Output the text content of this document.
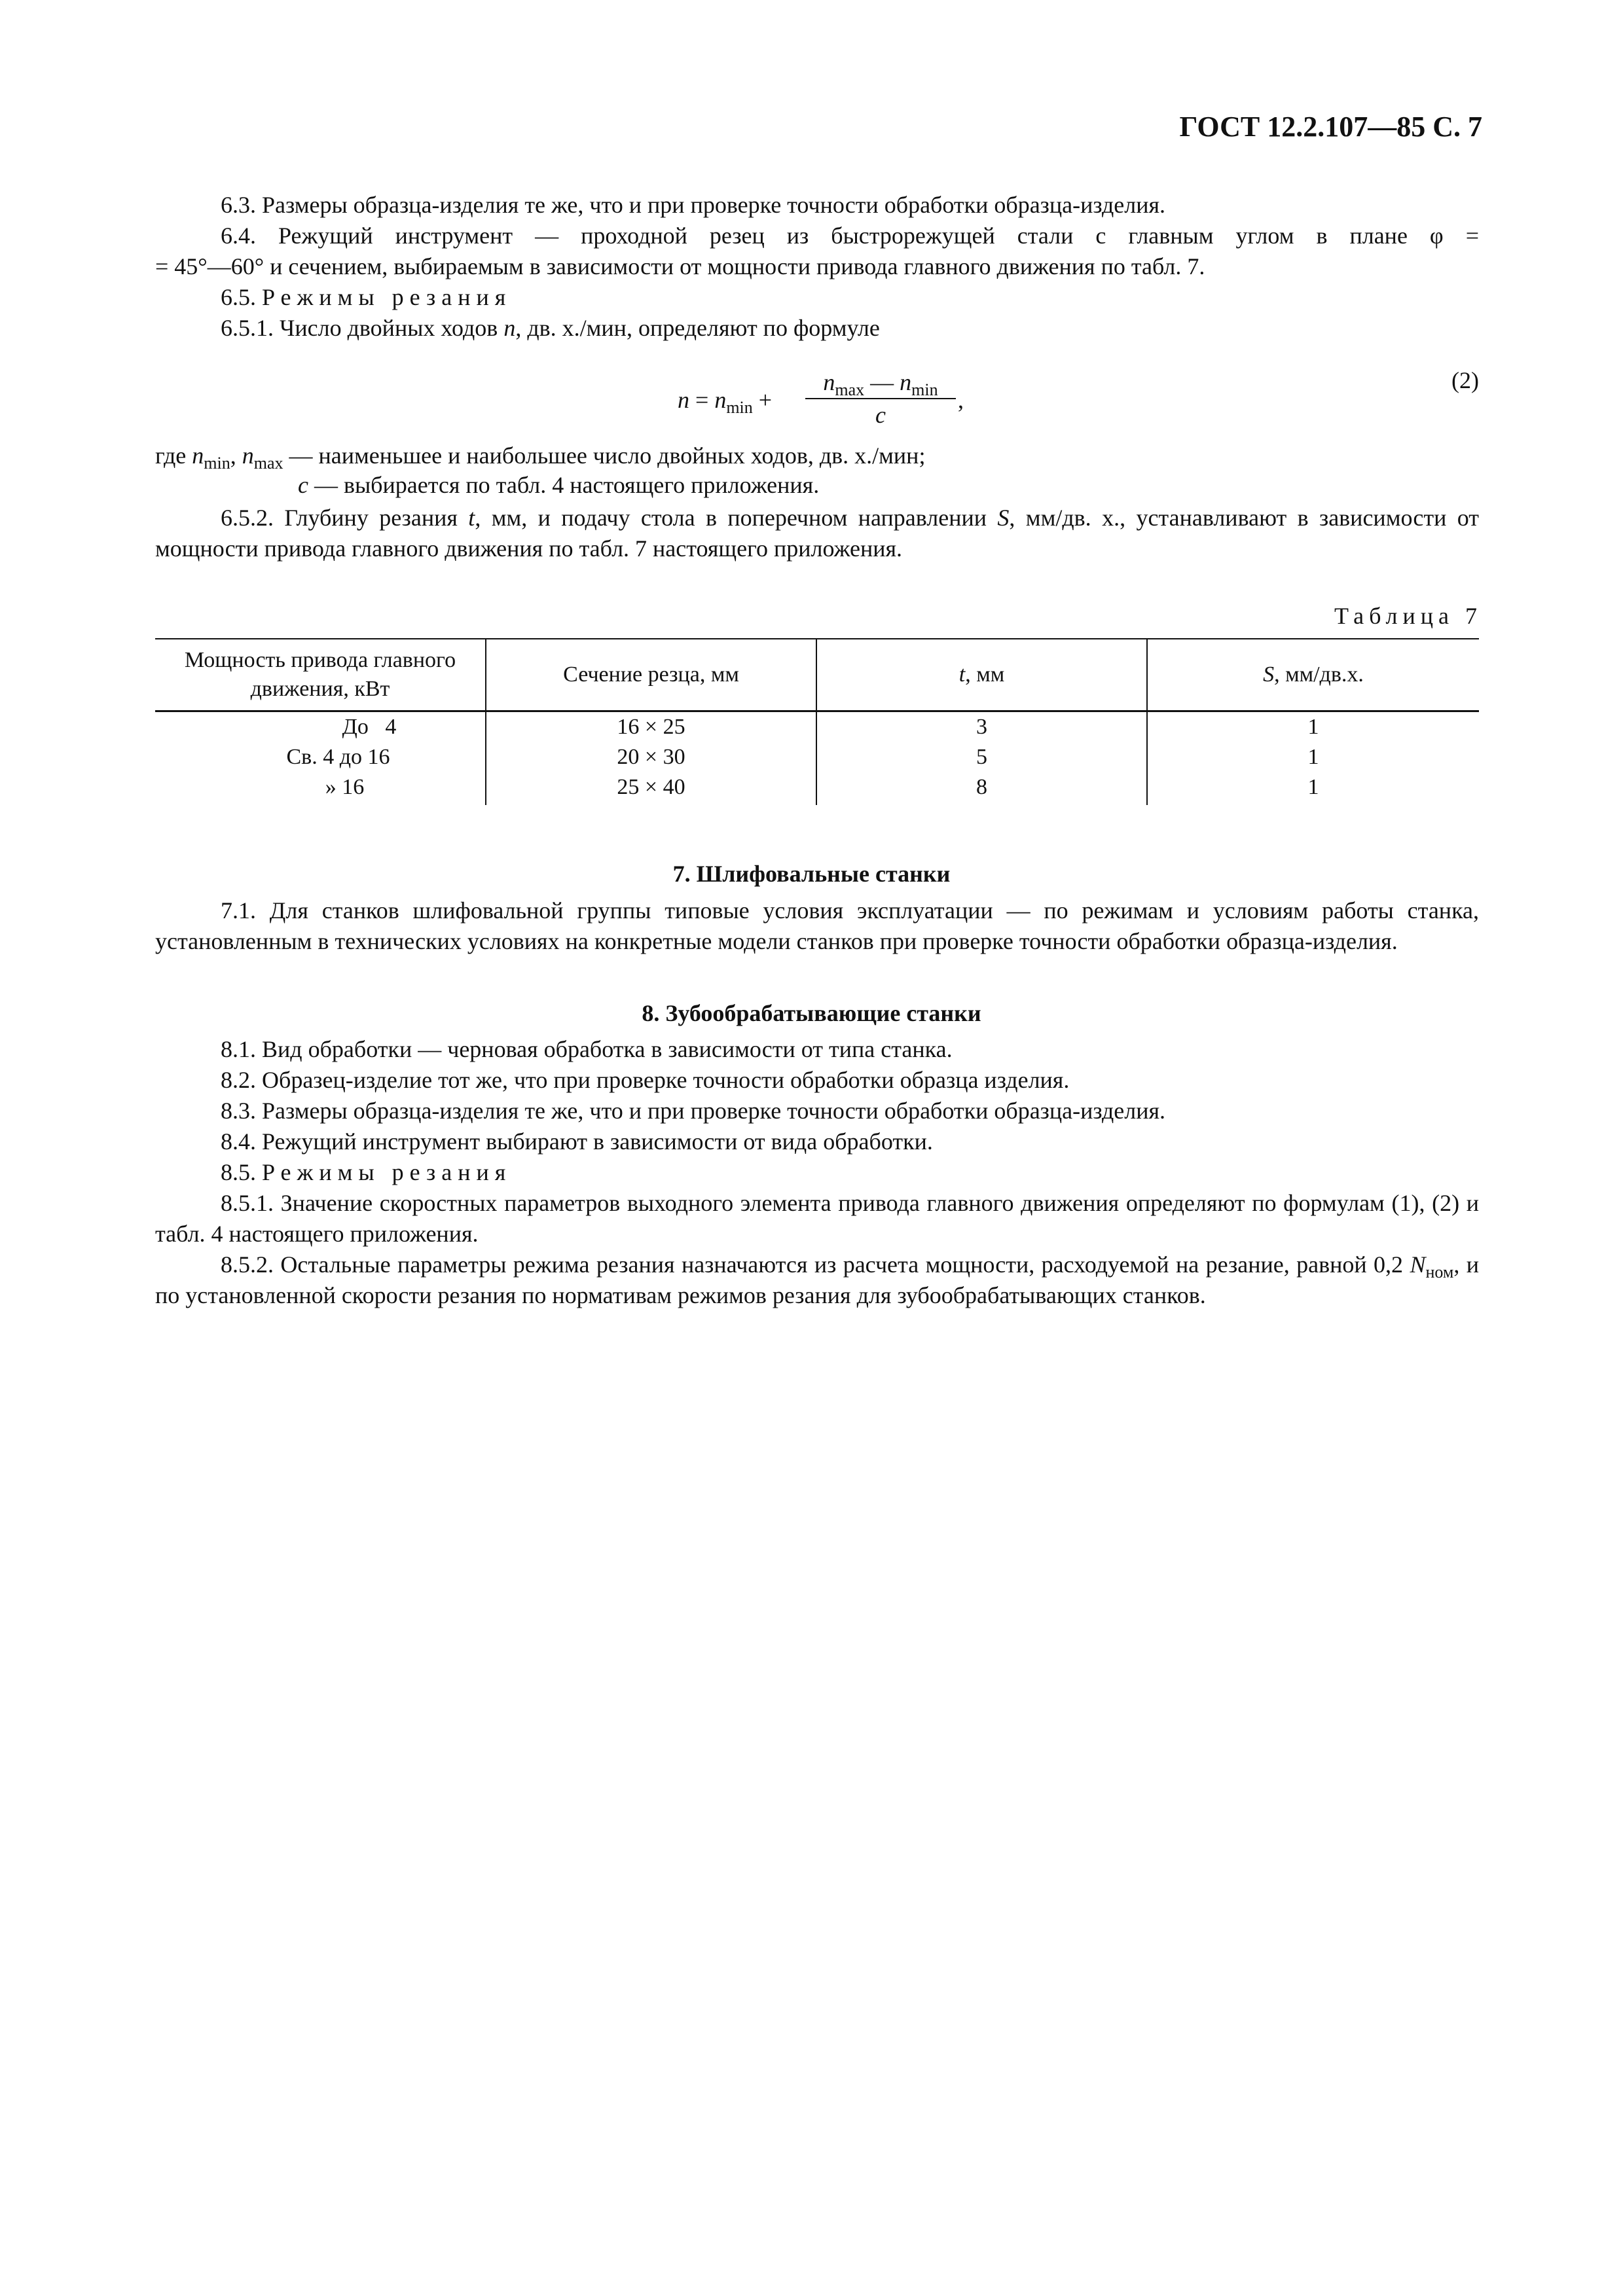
ГОСТ 12.2.107—85 С. 7

6.3. Размеры образца-изделия те же, что и при проверке точности обработки образца-изделия.

6.4. Режущий инструмент — проходной резец из быстрорежущей стали с главным углом в плане φ =

= 45°—60° и сечением, выбираемым в зависимости от мощности привода главного движения по табл. 7.

6.5. Режимы резания

6.5.1. Число двойных ходов n, дв. х./мин, определяют по формуле

$n = n_{min}$ +
$n_{max}$ — $n_{min}$
c
,
(2)
где $n_{min}$, $n_{max}$ — наименьшее и наибольшее число двойных ходов, дв. х./мин;
c — выбирается по табл. 4 настоящего приложения.

6.5.2. Глубину резания t, мм, и подачу стола в поперечном направлении S, мм/дв. х., устанавливают в зависимости от мощности привода главного движения по табл. 7 настоящего приложения.

Таблица 7
Мощность привода главного движения, кВт	Сечение резца, мм	t, мм	S, мм/дв.х.
До   4	16 × 25	3	1
Св. 4 до 16	20 × 30	5	1
» 16	25 × 40	8	1
7. Шлифовальные станки

7.1. Для станков шлифовальной группы типовые условия эксплуатации — по режимам и условиям работы станка, установленным в технических условиях на конкретные модели станков при проверке точности обработки образца-изделия.

8. Зубообрабатывающие станки

8.1. Вид обработки — черновая обработка в зависимости от типа станка.

8.2. Образец-изделие тот же, что при проверке точности обработки образца изделия.

8.3. Размеры образца-изделия те же, что и при проверке точности обработки образца-изделия.

8.4. Режущий инструмент выбирают в зависимости от вида обработки.

8.5. Режимы резания

8.5.1. Значение скоростных параметров выходного элемента привода главного движения определяют по формулам (1), (2) и табл. 4 настоящего приложения.

8.5.2. Остальные параметры режима резания назначаются из расчета мощности, расходуемой на резание, равной 0,2 $N_{ном}$, и по установленной скорости резания по нормативам режимов резания для зубообрабатывающих станков.
